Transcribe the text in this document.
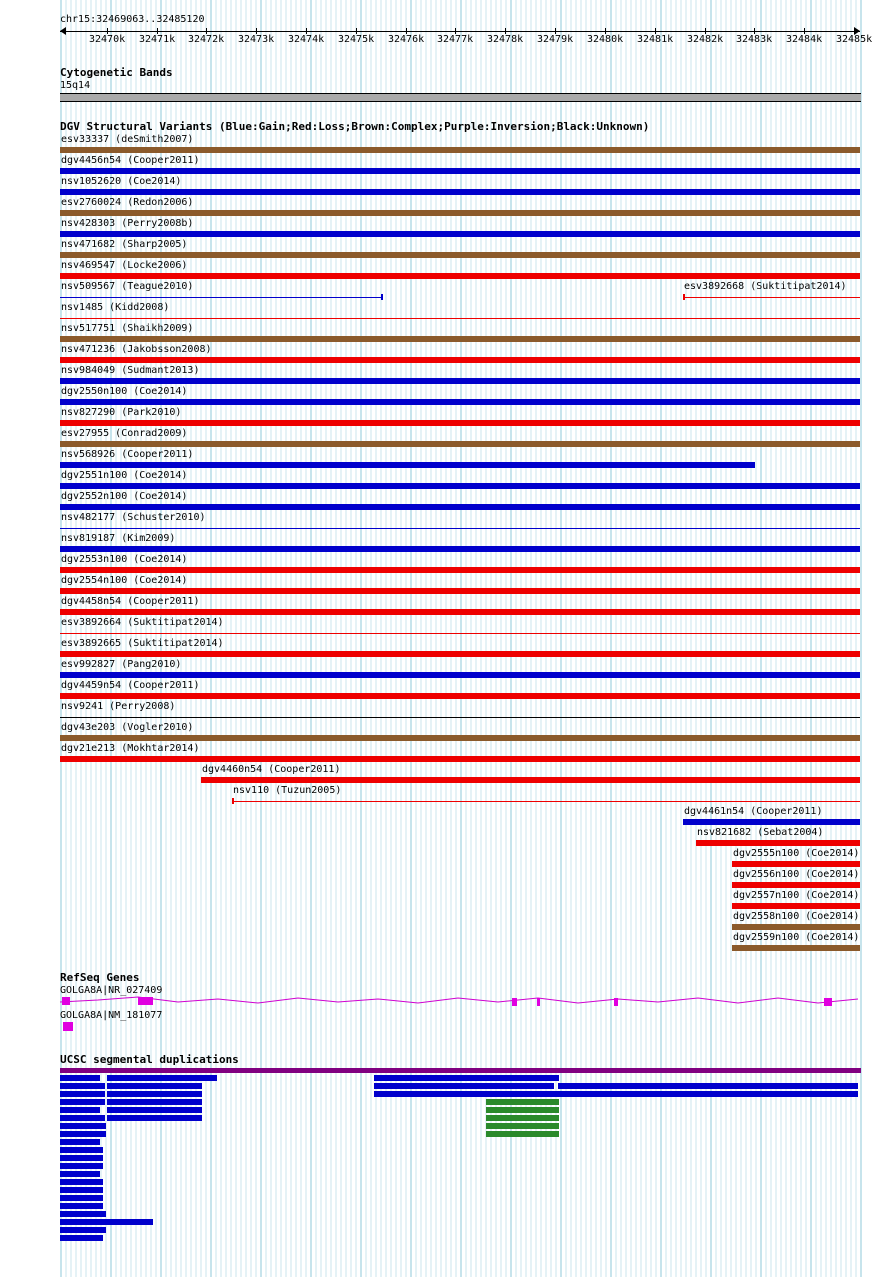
chr15:32469063..32485120
32470k 32471k 32472k 32473k 32474k 32475k 32476k 32477k 32478k 32479k 32480k 32481k 32482k 32483k 32484k 32485k
Cytogenetic Bands
15q14
DGV Structural Variants (Blue:Gain;Red:Loss;Brown:Complex;Purple:Inversion;Black:Unknown)
esv33337 (deSmith2007)
dgv4456n54 (Cooper2011)
nsv1052620 (Coe2014)
esv2760024 (Redon2006)
nsv428303 (Perry2008b)
nsv471682 (Sharp2005)
nsv469547 (Locke2006)
nsv509567 (Teague2010)
nsv1485 (Kidd2008)
nsv517751 (Shaikh2009)
nsv471236 (Jakobsson2008)
nsv984049 (Sudmant2013)
dgv2550n100 (Coe2014)
nsv827290 (Park2010)
esv27955 (Conrad2009)
nsv568926 (Cooper2011)
dgv2551n100 (Coe2014)
dgv2552n100 (Coe2014)
nsv482177 (Schuster2010)
nsv819187 (Kim2009)
dgv2553n100 (Coe2014)
dgv2554n100 (Coe2014)
dgv4458n54 (Cooper2011)
esv3892664 (Suktitipat2014)
esv3892665 (Suktitipat2014)
esv992827 (Pang2010)
dgv4459n54 (Cooper2011)
nsv9241 (Perry2008)
dgv43e203 (Vogler2010)
dgv21e213 (Mokhtar2014)
dgv4460n54 (Cooper2011)
nsv110 (Tuzun2005)
dgv4461n54 (Cooper2011)
nsv821682 (Sebat2004)
dgv2555n100 (Coe2014)
dgv2556n100 (Coe2014)
dgv2557n100 (Coe2014)
dgv2558n100 (Coe2014)
dgv2559n100 (Coe2014)
esv3892668 (Suktitipat2014)
RefSeq Genes
GOLGA8A|NR_027409
GOLGA8A|NM_181077
UCSC segmental duplications
